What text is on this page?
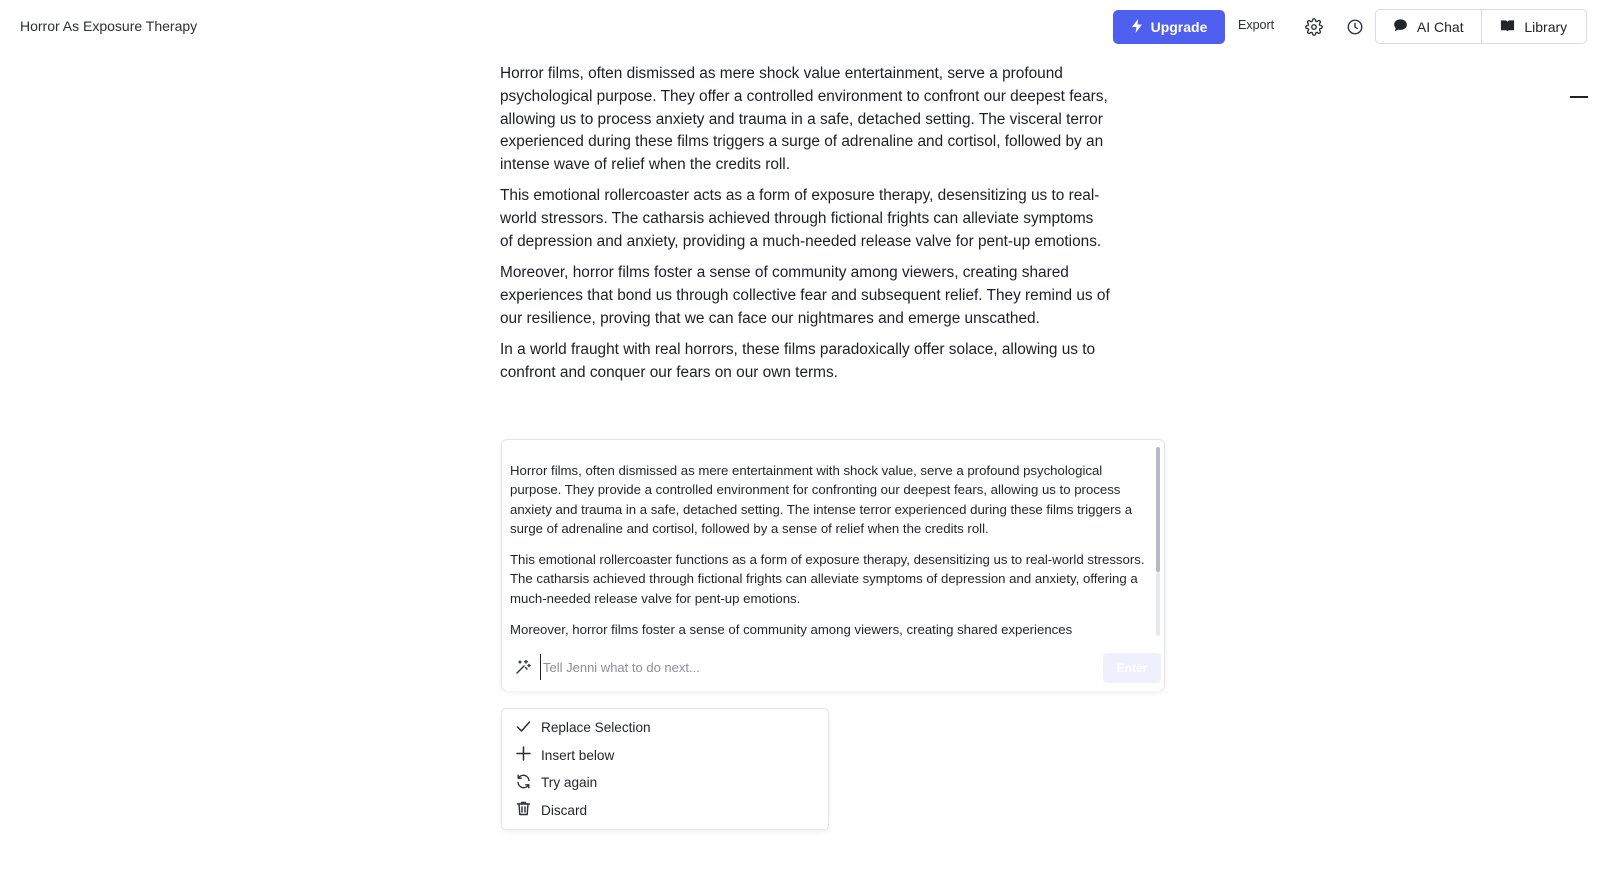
Horror As Exposure Therapy	Upgrade Export	AI Chat	Library

Horror films, often dismissed as mere shock value entertainment, serve a profound psychological purpose. They offer a controlled environment to confront our deepest fears, allowing us to process anxiety and trauma in a safe, detached setting. The visceral terror experienced during these films triggers a surge of adrenaline and cortisol, followed by an intense wave of relief when the credits roll.

This emotional rollercoaster acts as a form of exposure therapy, desensitizing us to real-world stressors. The catharsis achieved through fictional frights can alleviate symptoms of depression and anxiety, providing a much-needed release valve for pent-up emotions.

Moreover, horror films foster a sense of community among viewers, creating shared experiences that bond us through collective fear and subsequent relief. They remind us of our resilience, proving that we can face our nightmares and emerge unscathed.

In a world fraught with real horrors, these films paradoxically offer solace, allowing us to confront and conquer our fears on our own terms.

Horror films, often dismissed as mere entertainment with shock value, serve a profound psychological purpose. They provide a controlled environment for confronting our deepest fears, allowing us to process anxiety and trauma in a safe, detached setting. The intense terror experienced during these films triggers a surge of adrenaline and cortisol, followed by a sense of relief when the credits roll.

This emotional rollercoaster functions as a form of exposure therapy, desensitizing us to real-world stressors. The catharsis achieved through fictional frights can alleviate symptoms of depression and anxiety, offering a much-needed release valve for pent-up emotions.

Moreover, horror films foster a sense of community among viewers, creating shared experiences

Tell Jenni what to do next...
Enter
Replace Selection
Insert below
Try again
Discard
